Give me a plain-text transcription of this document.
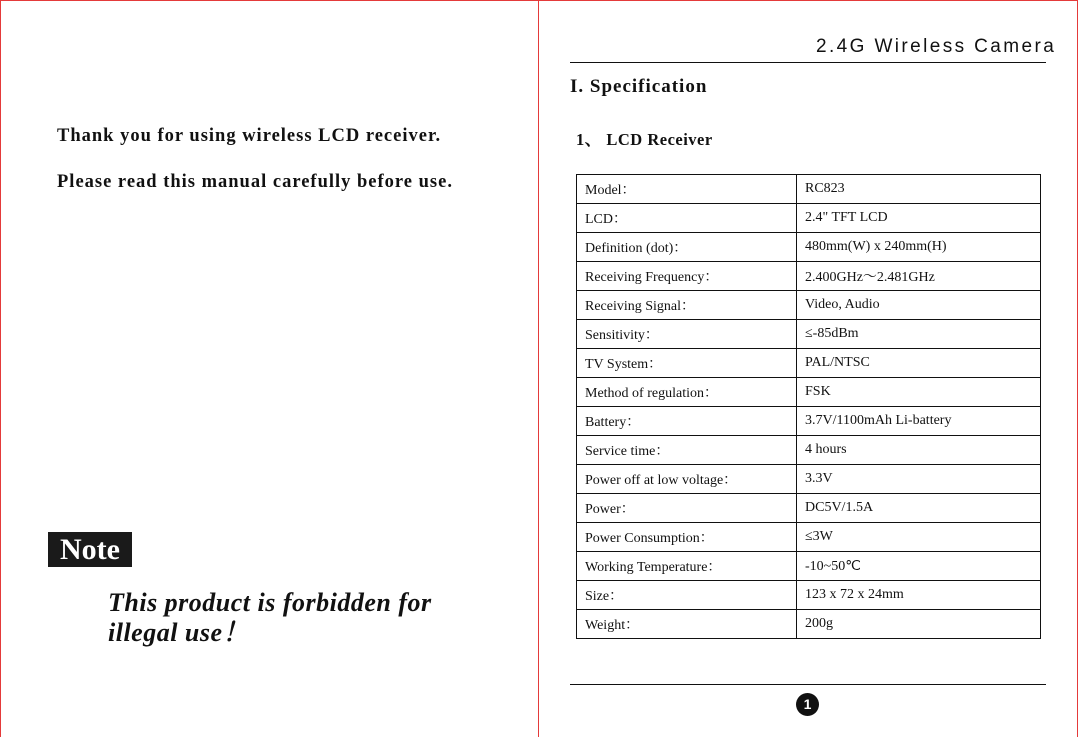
Thank you for using wireless LCD receiver.
Please read this manual carefully before use.
Note
This product is forbidden for
illegal use！
2.4G Wireless Camera
I. Specification
1、 LCD Receiver
Model：	RC823
LCD：	2.4" TFT LCD
Definition (dot)：	480mm(W) x 240mm(H)
Receiving Frequency：	2.400GHz～2.481GHz
Receiving Signal：	Video, Audio
Sensitivity：	≤-85dBm
TV System：	PAL/NTSC
Method of regulation：	FSK
Battery：	3.7V/1100mAh Li-battery
Service time：	4 hours
Power off at low voltage：	3.3V
Power：	DC5V/1.5A
Power Consumption：	≤3W
Working Temperature：	-10~50℃
Size：	123 x 72 x 24mm
Weight：	200g
1
